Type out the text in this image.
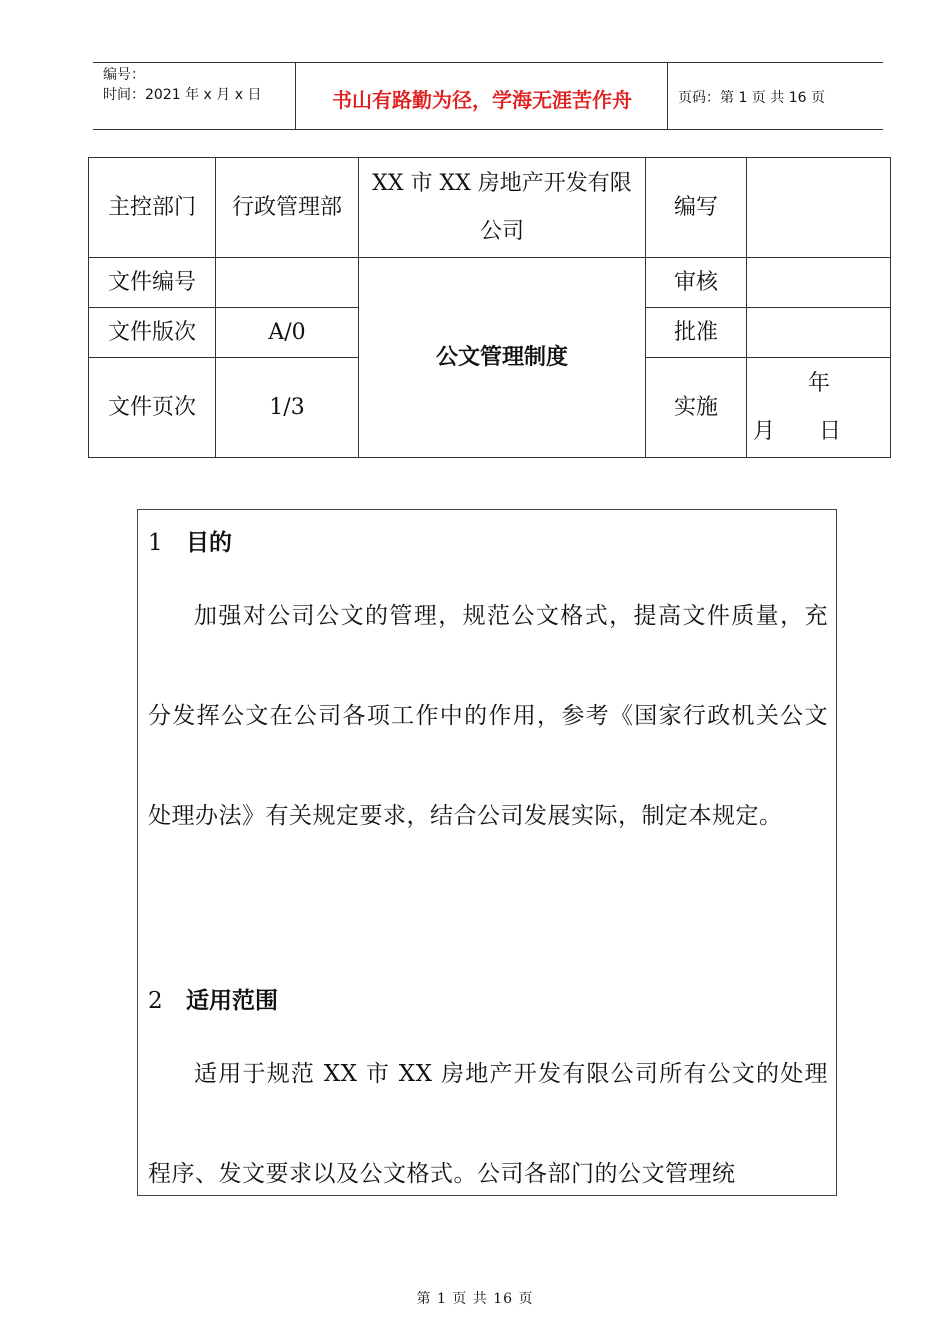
编号：
时间：2021 年 x 月 x 日	书山有路勤为径，学海无涯苦作舟	页码：第 1 页 共 16 页
主控部门	行政管理部	XX 市 XX 房地产开发有限公司	编写	
文件编号		公文管理制度	审核	
文件版次	A/0		批准	
文件页次	1/3		实施	年
月　　日
1 目的

加强对公司公文的管理，规范公文格式，提高文件质量，充分发挥公文在公司各项工作中的作用，参考《国家行政机关公文处理办法》有关规定要求，结合公司发展实际，制定本规定。

2 适用范围

适用于规范 XX 市 XX 房地产开发有限公司所有公文的处理程序、发文要求以及公文格式。公司各部门的公文管理统

第 1 页 共 16 页
